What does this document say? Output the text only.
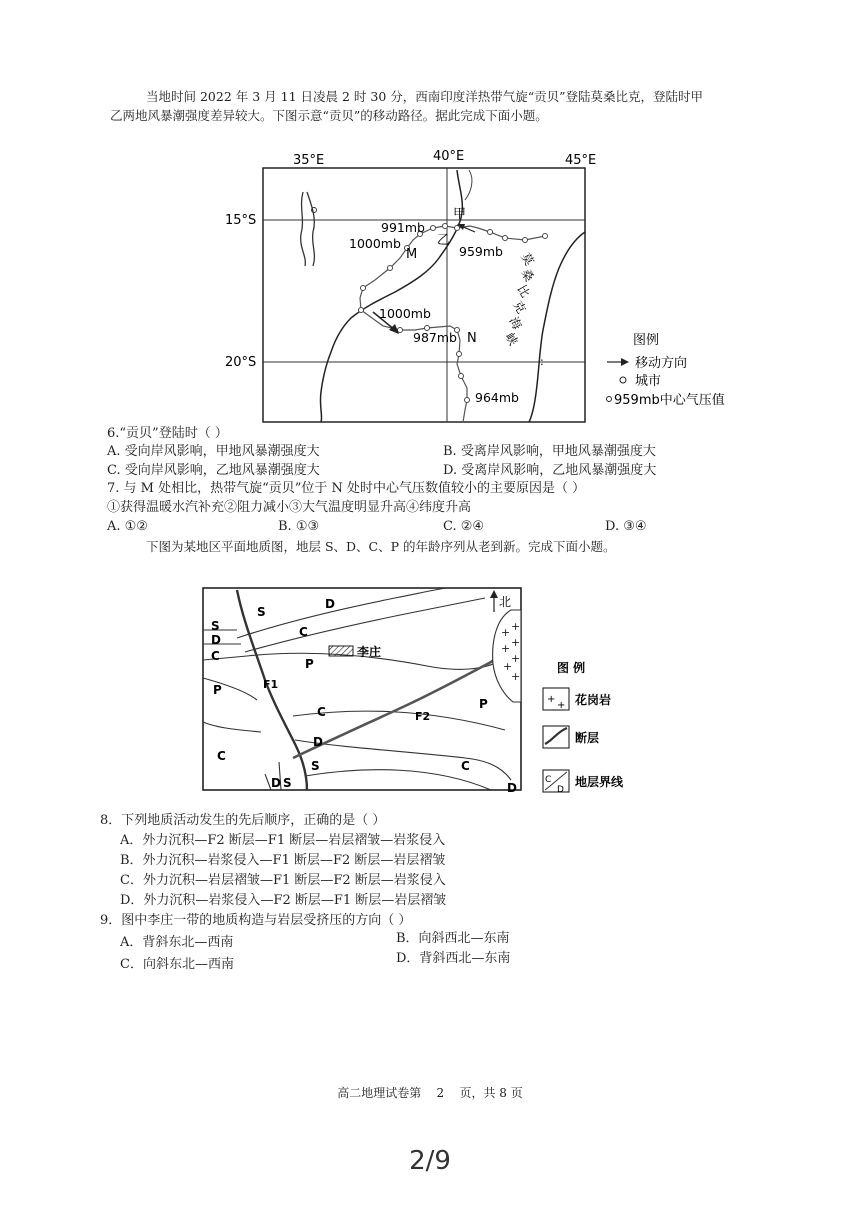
当地时间 2022 年 3 月 11 日凌晨 2 时 30 分，西南印度洋热带气旋“贡贝”登陆莫桑比克，登陆时甲
乙两地风暴潮强度差异较大。下图示意“贡贝”的移动路径。据此完成下面小题。
35°E	40°E	45°E
15°S
20°S	:
甲
乙
M
N
991mb
1000mb
959mb
1000mb
987mb
964mb
莫
桑
比
克
海
峡	图例
移动方向
城市
959mb中心气压值
6.“贡贝”登陆时（ ）
A. 受向岸风影响，甲地风暴潮强度大	B. 受离岸风影响，甲地风暴潮强度大
C. 受向岸风影响，乙地风暴潮强度大	D. 受离岸风影响，乙地风暴潮强度大
7. 与 M 处相比，热带气旋“贡贝”位于 N 处时中心气压数值较小的主要原因是（ ）
①获得温暖水汽补充②阻力减小③大气温度明显升高④纬度升高
A. ①②	B. ①③	C. ②④	D. ③④
下图为某地区平面地质图，地层 S、D、C、P 的年龄序列从老到新。完成下面小题。
+ +
+ +
+
+
+
北
S
S
D
D
C
C
P
P
C
P
C
D
S	C
D S	D
F1
F2
李庄
图 例
+
+ 花岗岩
断层
C
D
地层界线
8．下列地质活动发生的先后顺序，正确的是（ ）
A．外力沉积—F2 断层—F1 断层—岩层褶皱—岩浆侵入
B．外力沉积—岩浆侵入—F1 断层—F2 断层—岩层褶皱
C．外力沉积—岩层褶皱—F1 断层—F2 断层—岩浆侵入
D．外力沉积—岩浆侵入—F2 断层—F1 断层—岩层褶皱
9．图中李庄一带的地质构造与岩层受挤压的方向（ ）
A．背斜东北—西南	B．向斜西北—东南
C．向斜东北—西南	D．背斜西北—东南
高二地理试卷第 2 页，共 8 页
2/9
